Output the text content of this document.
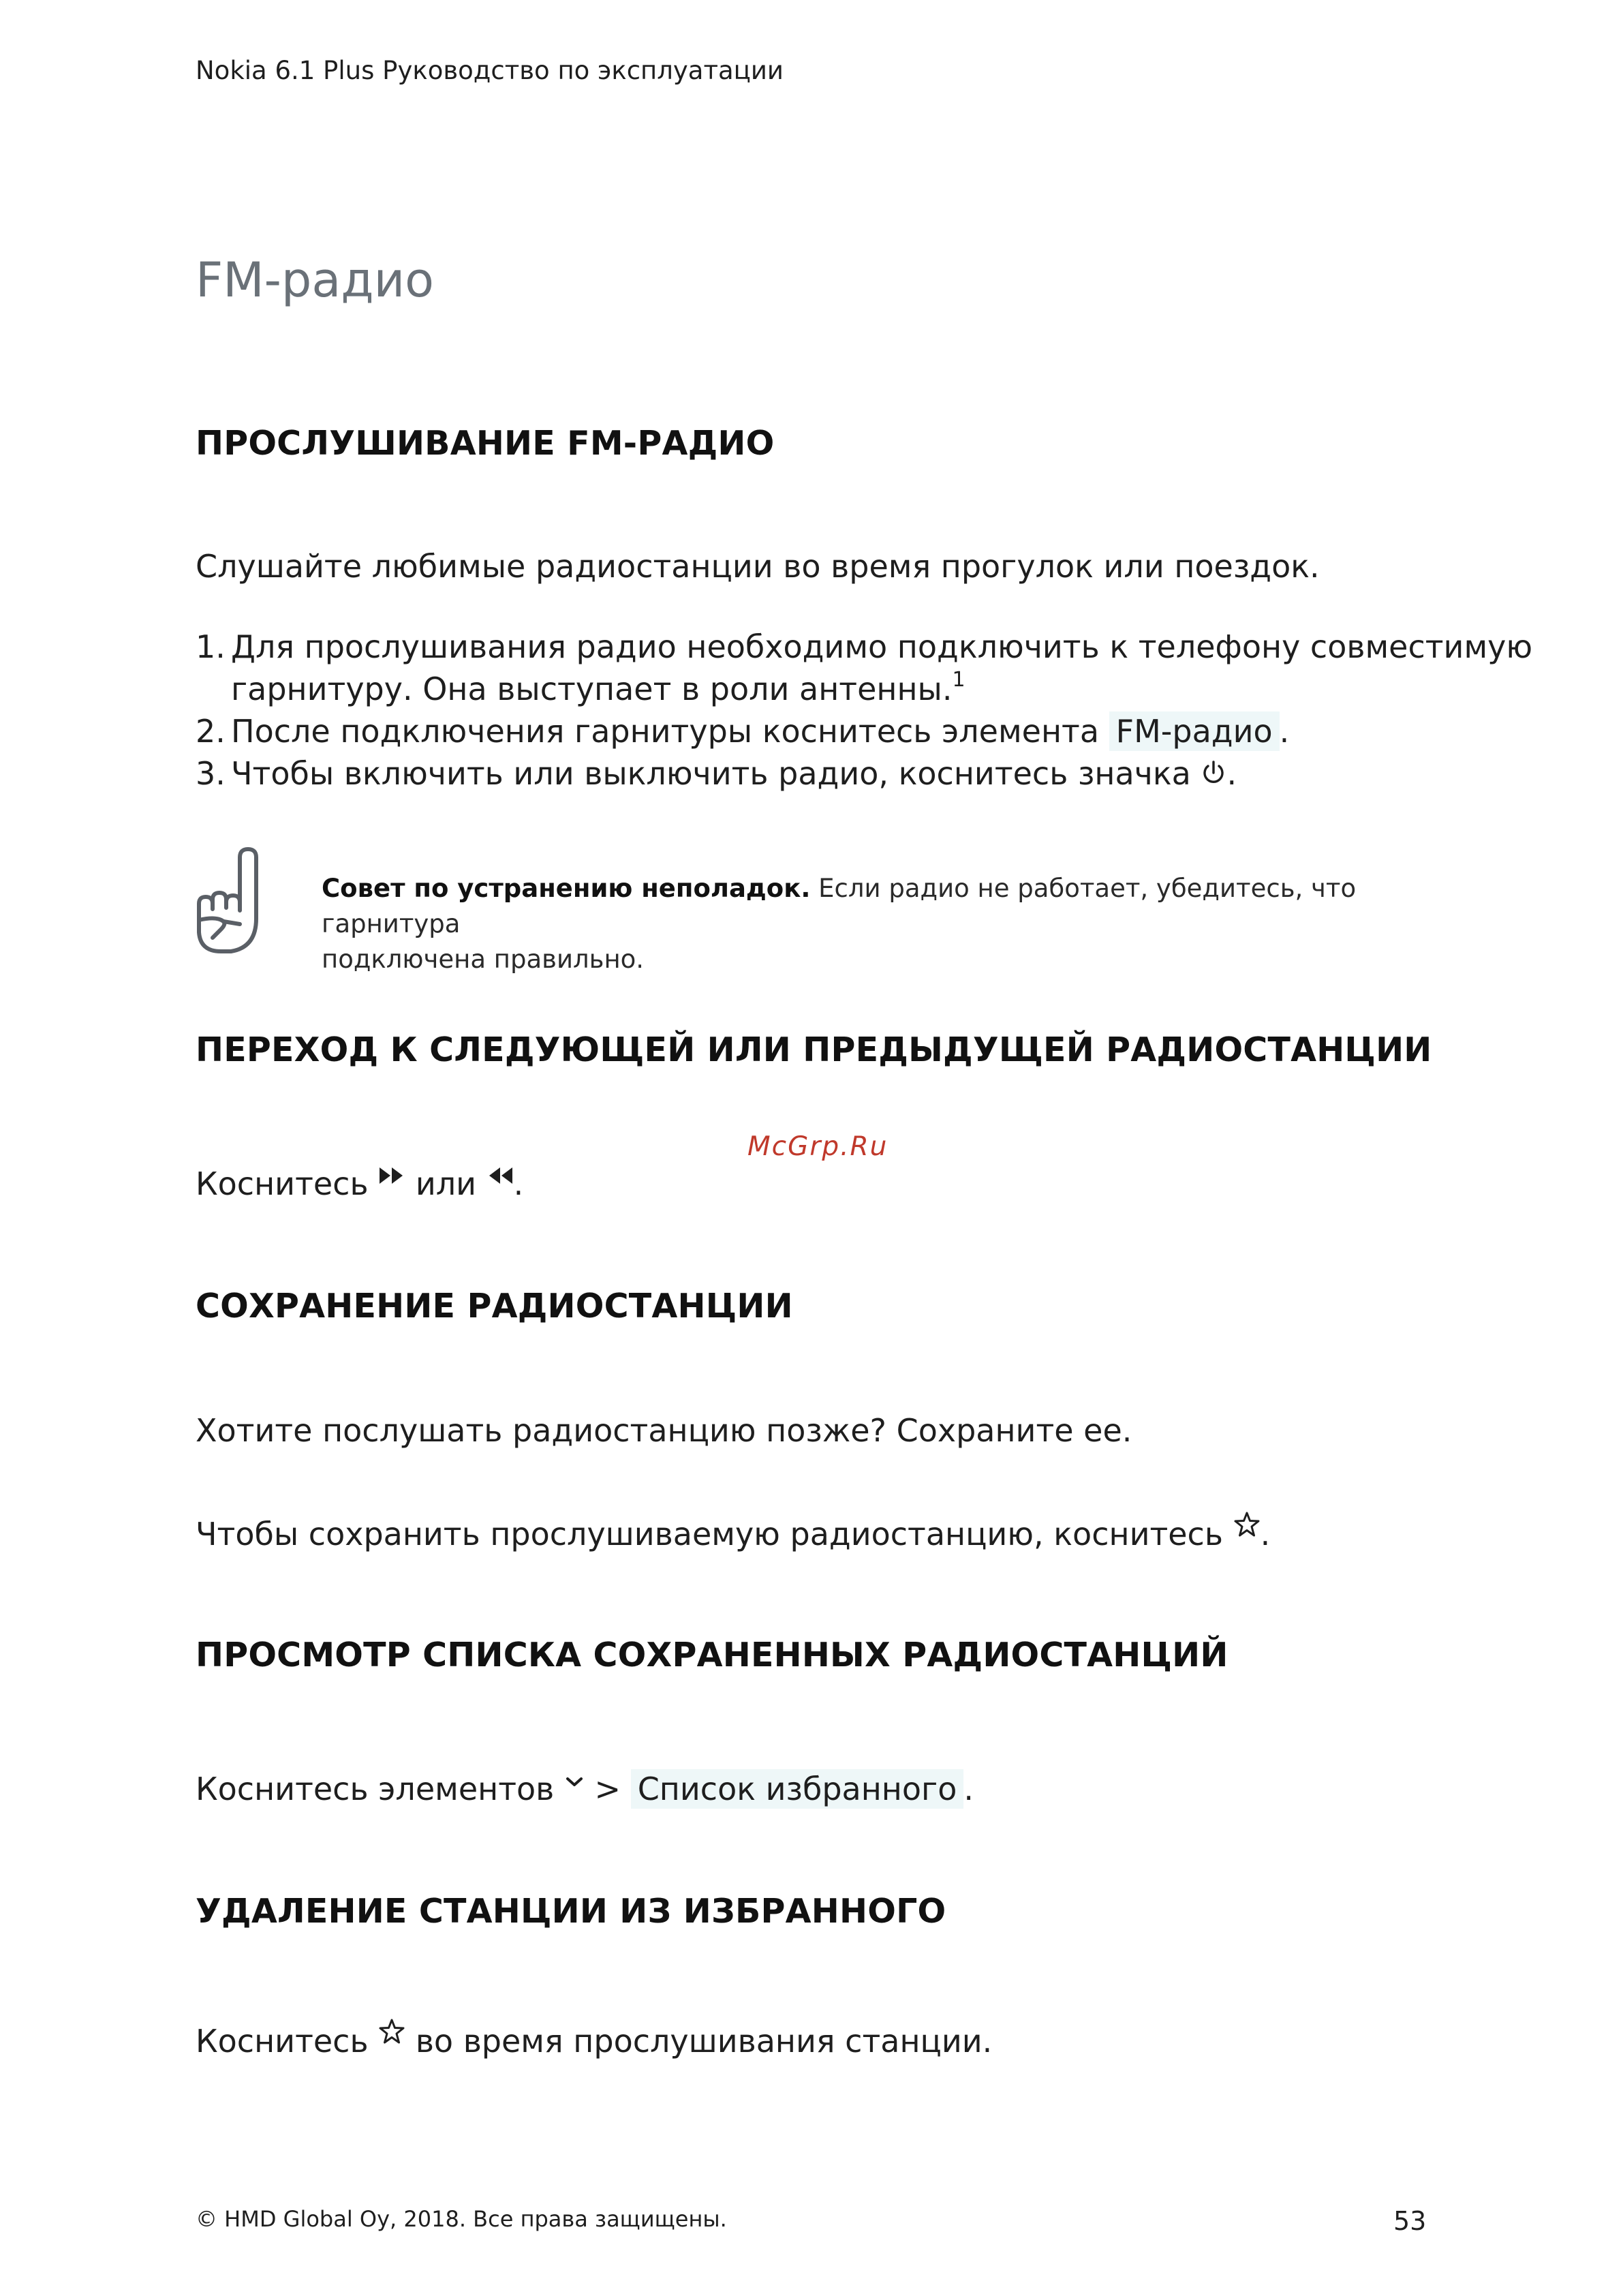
Nokia 6.1 Plus Руководство по эксплуатации
FM-радио
ПРОСЛУШИВАНИЕ FM-РАДИО

Слушайте любимые радиостанции во время прогулок или поездок.

1. Для прослушивания радио необходимо подключить к телефону совместимую
гарнитуру. Она выступает в роли антенны.$^1$
2. После подключения гарнитуры коснитесь элемента FM-радио .
3. Чтобы включить или выключить радио, коснитесь значка .
Совет по устранению неполадок. Если радио не работает, убедитесь, что гарнитура
подключена правильно.
ПЕРЕХОД К СЛЕДУЮЩЕЙ ИЛИ ПРЕДЫДУЩЕЙ РАДИОСТАНЦИИ
McGrp.Ru

Коснитесь или .

СОХРАНЕНИЕ РАДИОСТАНЦИИ

Хотите послушать радиостанцию позже? Сохраните ее.

Чтобы сохранить прослушиваемую радиостанцию, коснитесь .

ПРОСМОТР СПИСКА СОХРАНЕННЫХ РАДИОСТАНЦИЙ

Коснитесь элементов > Список избранного .

УДАЛЕНИЕ СТАНЦИИ ИЗ ИЗБРАННОГО

Коснитесь во время прослушивания станции.

© HMD Global Oy, 2018. Все права защищены.	53
